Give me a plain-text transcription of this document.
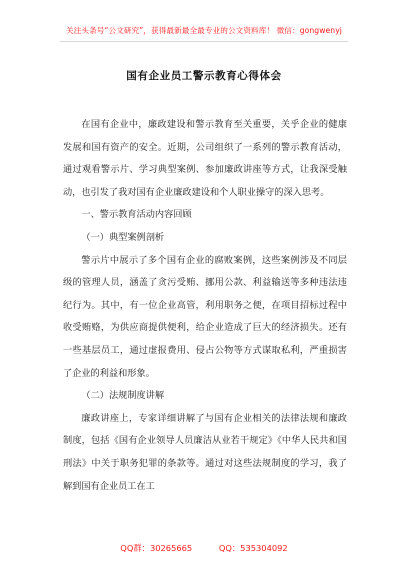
关注头条号“公文研究”，获得最新最全最专业的公文资料库！ 微信：gongwenyj
国有企业员工警示教育心得体会

在国有企业中，廉政建设和警示教育至关重要，关乎企业的健康发展和国有资产的安全。近期，公司组织了一系列的警示教育活动，通过观看警示片、学习典型案例、参加廉政讲座等方式，让我深受触动，也引发了我对国有企业廉政建设和个人职业操守的深入思考。

一、警示教育活动内容回顾

（一）典型案例剖析

警示片中展示了多个国有企业的腐败案例，这些案例涉及不同层级的管理人员，涵盖了贪污受贿、挪用公款、利益输送等多种违法违纪行为。其中，有一位企业高管，利用职务之便，在项目招标过程中收受贿赂，为供应商提供便利，给企业造成了巨大的经济损失。还有一些基层员工，通过虚报费用、侵占公物等方式谋取私利，严重损害了企业的利益和形象。

（二）法规制度讲解

廉政讲座上，专家详细讲解了与国有企业相关的法律法规和廉政制度，包括《国有企业领导人员廉洁从业若干规定》《中华人民共和国刑法》中关于职务犯罪的条款等。通过对这些法规制度的学习，我了解到国有企业员工在工

QQ群：30265665	QQ：535304092
